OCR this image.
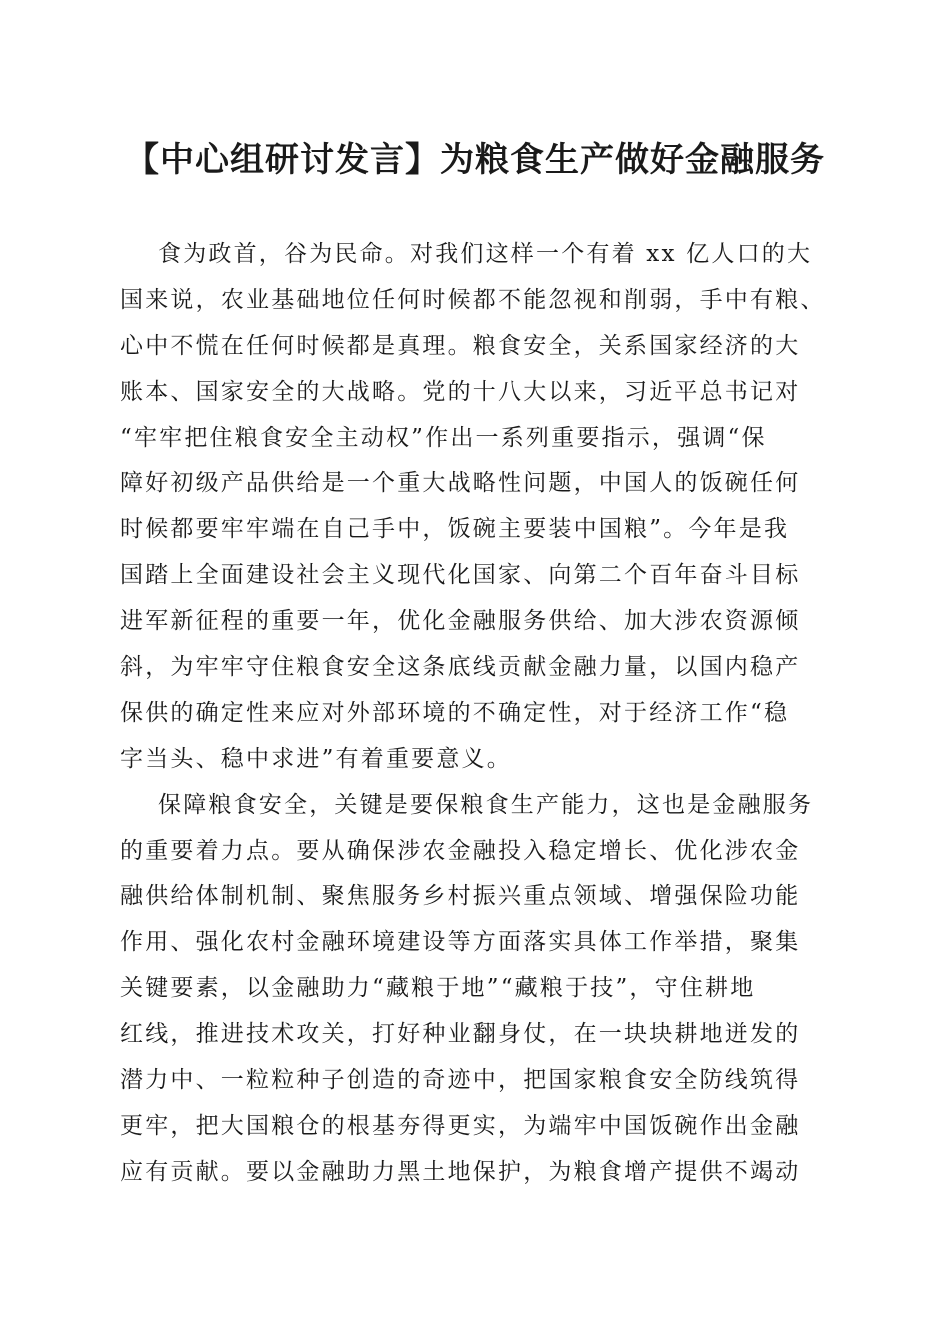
【中心组研讨发言】为粮食生产做好金融服务
食为政首，谷为民命。对我们这样一个有着 xx 亿人口的大
国来说，农业基础地位任何时候都不能忽视和削弱，手中有粮、
心中不慌在任何时候都是真理。粮食安全，关系国家经济的大
账本、国家安全的大战略。党的十八大以来，习近平总书记对
“牢牢把住粮食安全主动权”作出一系列重要指示，强调“保
障好初级产品供给是一个重大战略性问题，中国人的饭碗任何
时候都要牢牢端在自己手中，饭碗主要装中国粮”。今年是我
国踏上全面建设社会主义现代化国家、向第二个百年奋斗目标
进军新征程的重要一年，优化金融服务供给、加大涉农资源倾
斜，为牢牢守住粮食安全这条底线贡献金融力量，以国内稳产
保供的确定性来应对外部环境的不确定性，对于经济工作“稳
字当头、稳中求进”有着重要意义。
保障粮食安全，关键是要保粮食生产能力，这也是金融服务
的重要着力点。要从确保涉农金融投入稳定增长、优化涉农金
融供给体制机制、聚焦服务乡村振兴重点领域、增强保险功能
作用、强化农村金融环境建设等方面落实具体工作举措，聚集
关键要素，以金融助力“藏粮于地”“藏粮于技”，守住耕地
红线，推进技术攻关，打好种业翻身仗，在一块块耕地迸发的
潜力中、一粒粒种子创造的奇迹中，把国家粮食安全防线筑得
更牢，把大国粮仓的根基夯得更实，为端牢中国饭碗作出金融
应有贡献。要以金融助力黑土地保护，为粮食增产提供不竭动
